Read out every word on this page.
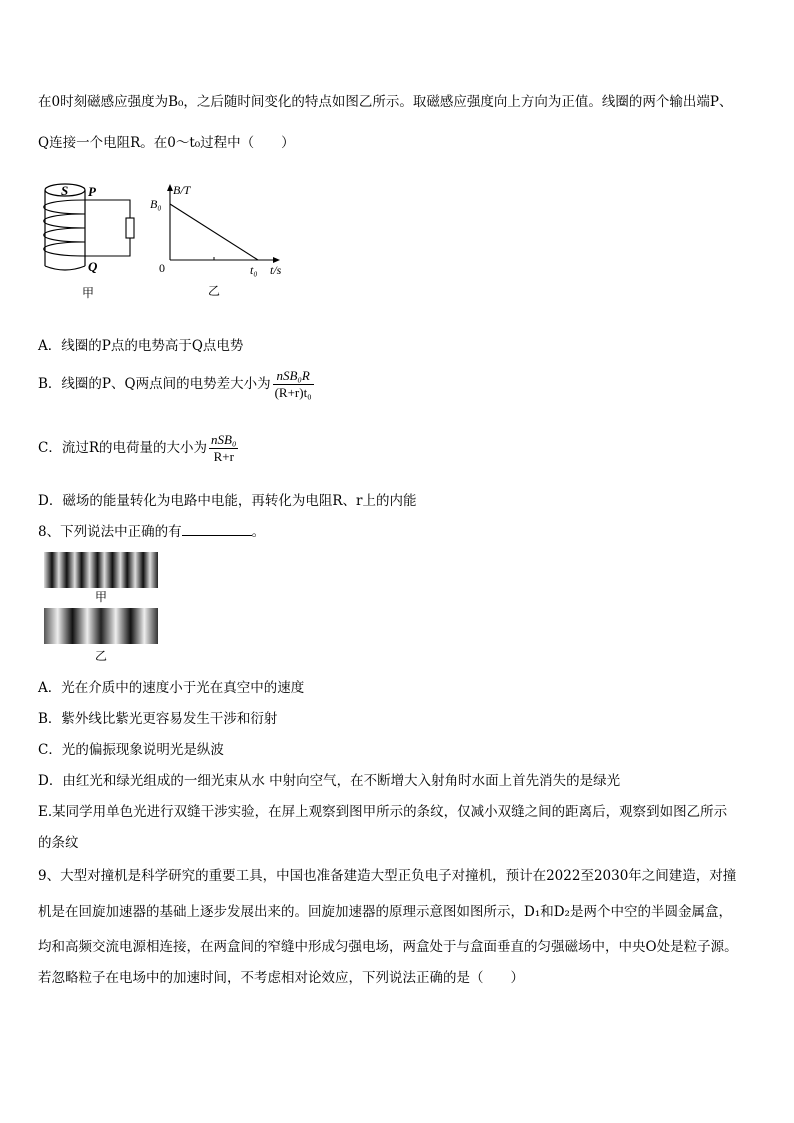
在0时刻磁感应强度为B₀，之后随时间变化的特点如图乙所示。取磁感应强度向上方向为正值。线圈的两个输出端P、
Q连接一个电阻R。在0～t₀过程中（　　）
S P
Q
甲
B/T
B₀
0	t₀ t/s
乙
A．线圈的P点的电势高于Q点电势
B．线圈的P、Q两点间的电势差大小为 $\frac{\text{nSB₀R}}{\text{(R+r)t₀}}$
C．流过R的电荷量的大小为 $\frac{\text{nSB₀}}{R+r}$
D．磁场的能量转化为电路中电能，再转化为电阻R、r上的内能
8、下列说法中正确的有	。
甲
乙
A．光在介质中的速度小于光在真空中的速度
B．紫外线比紫光更容易发生干涉和衍射
C．光的偏振现象说明光是纵波
D．由红光和绿光组成的一细光束从水 中射向空气，在不断增大入射角时水面上首先消失的是绿光
E.某同学用单色光进行双缝干涉实验，在屏上观察到图甲所示的条纹，仅减小双缝之间的距离后，观察到如图乙所示
的条纹
9、大型对撞机是科学研究的重要工具，中国也准备建造大型正负电子对撞机，预计在2022至2030年之间建造，对撞
机是在回旋加速器的基础上逐步发展出来的。回旋加速器的原理示意图如图所示，D₁和D₂是两个中空的半圆金属盒，
均和高频交流电源相连接，在两盒间的窄缝中形成匀强电场，两盒处于与盒面垂直的匀强磁场中，中央O处是粒子源。
若忽略粒子在电场中的加速时间，不考虑相对论效应，下列说法正确的是（　　）
